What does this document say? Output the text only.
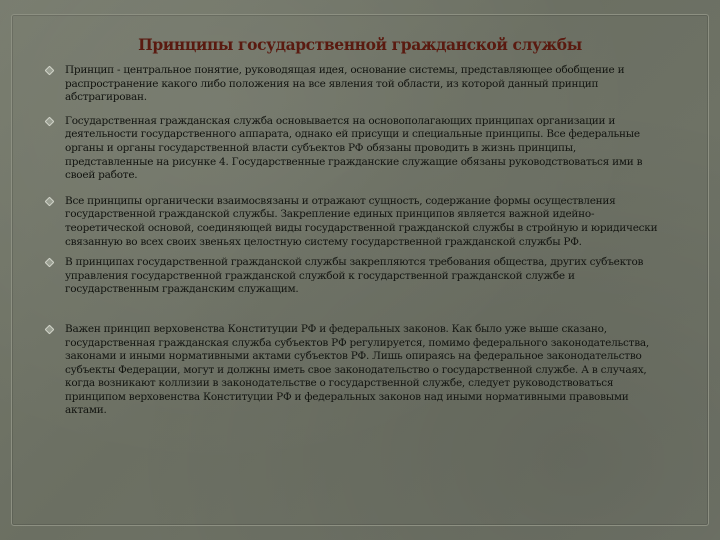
Принципы государственной гражданской службы
Принцип - центральное понятие, руководящая идея, основание системы, представляющее обобщение и распространение какого либо положения на все явления той области, из которой данный принцип абстрагирован.
Государственная гражданская служба основывается на основополагающих принципах организации и деятельности государственного аппарата, однако ей присущи и специальные принципы. Все федеральные органы и органы государственной власти субъектов РФ обязаны проводить в жизнь принципы, представленные на рисунке 4. Государственные гражданские служащие обязаны руководствоваться ими в своей работе.
Все принципы органически взаимосвязаны и отражают сущность, содержание формы осуществления государственной гражданской службы. Закрепление единых принципов является важной идейно-теоретической основой, соединяющей виды государственной гражданской службы в стройную и юридически связанную во всех своих звеньях целостную систему государственной гражданской службы РФ.
В принципах государственной гражданской службы закрепляются требования общества, других субъектов управления государственной гражданской службой к государственной гражданской службе и государственным гражданским служащим.
Важен принцип верховенства Конституции РФ и федеральных законов. Как было уже выше сказано, государственная гражданская служба субъектов РФ регулируется, помимо федерального законодательства, законами и иными нормативными актами субъектов РФ. Лишь опираясь на федеральное законодательство субъекты Федерации, могут и должны иметь свое законодательство о государственной службе. А в случаях, когда возникают коллизии в законодательстве о государственной службе, следует руководствоваться принципом верховенства Конституции РФ и федеральных законов над иными нормативными правовыми актами.
